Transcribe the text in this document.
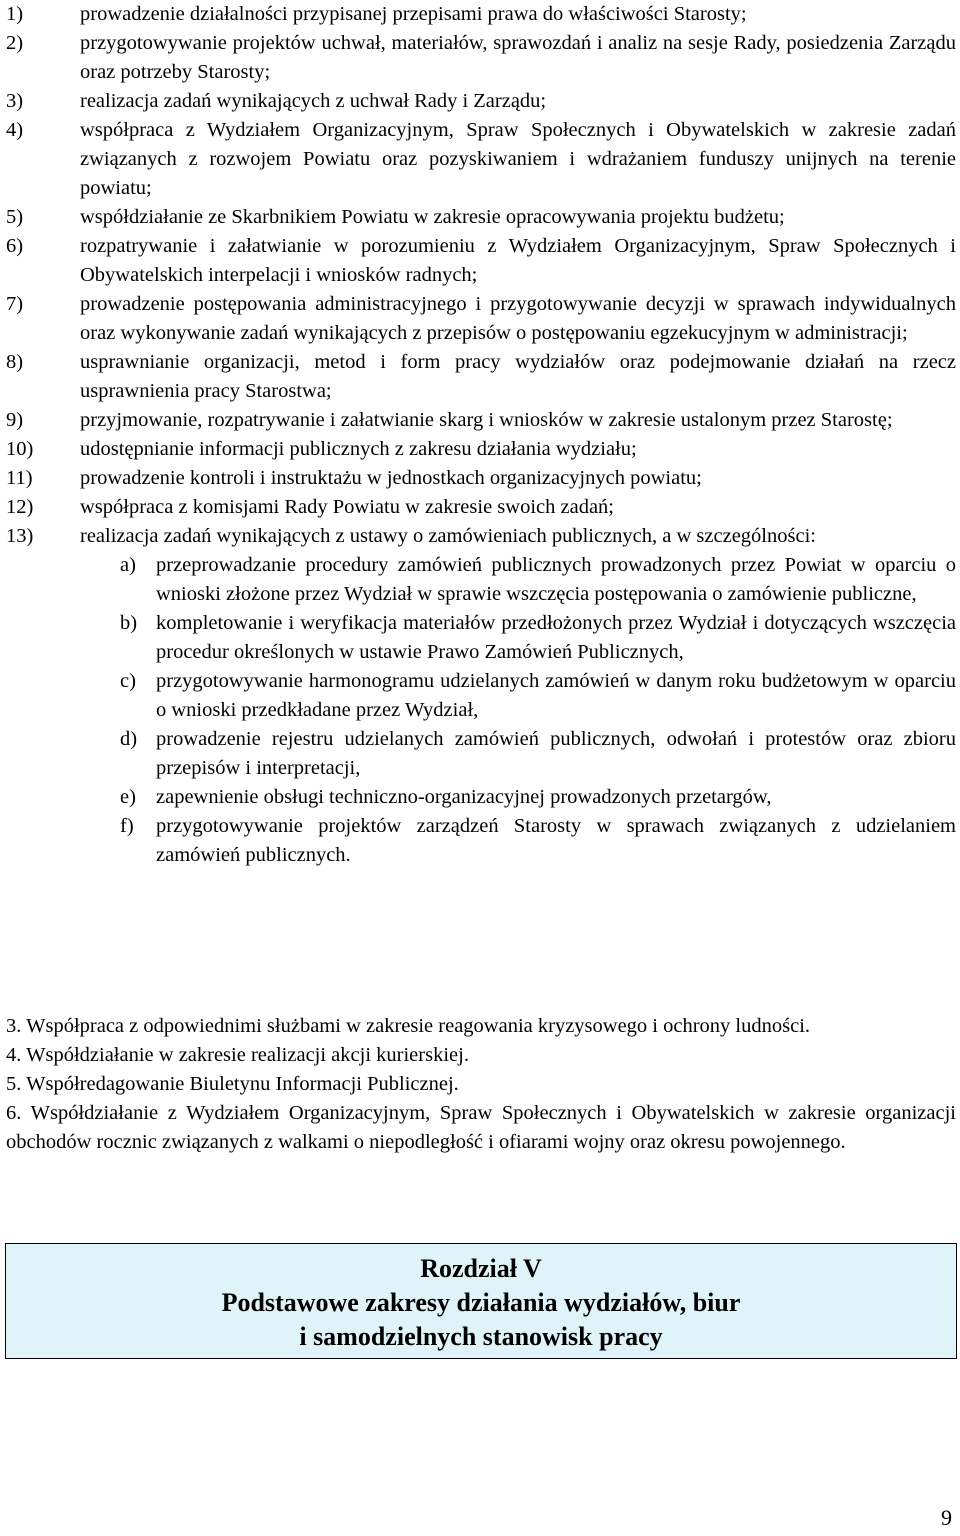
1)	prowadzenie działalności przypisanej przepisami prawa do właściwości Starosty;
2)	przygotowywanie projektów uchwał, materiałów, sprawozdań i analiz na sesje Rady, posiedzenia Zarządu oraz potrzeby Starosty;
3)	realizacja zadań wynikających z uchwał Rady i Zarządu;
4)	współpraca z Wydziałem Organizacyjnym, Spraw Społecznych i Obywatelskich w zakresie zadań związanych z rozwojem Powiatu oraz pozyskiwaniem i wdrażaniem funduszy unijnych na terenie powiatu;
5)	współdziałanie ze Skarbnikiem Powiatu w zakresie opracowywania projektu budżetu;
6)	rozpatrywanie i załatwianie w porozumieniu z Wydziałem Organizacyjnym, Spraw Społecznych i Obywatelskich interpelacji i wniosków radnych;
7)	prowadzenie postępowania administracyjnego i przygotowywanie decyzji w sprawach indywidualnych oraz wykonywanie zadań wynikających z przepisów o postępowaniu egzekucyjnym w administracji;
8)	usprawnianie organizacji, metod i form pracy wydziałów oraz podejmowanie działań na rzecz usprawnienia pracy Starostwa;
9)	przyjmowanie, rozpatrywanie i załatwianie skarg i wniosków w zakresie ustalonym przez Starostę;
10)	udostępnianie informacji publicznych z zakresu działania wydziału;
11)	prowadzenie kontroli i instruktażu w jednostkach organizacyjnych powiatu;
12)	współpraca z komisjami Rady Powiatu w zakresie swoich zadań;
13)	realizacja zadań wynikających z ustawy o zamówieniach publicznych, a w szczególności:
a) przeprowadzanie procedury zamówień publicznych prowadzonych przez Powiat w oparciu o wnioski złożone przez Wydział w sprawie wszczęcia postępowania o zamówienie publiczne,
b) kompletowanie i weryfikacja materiałów przedłożonych przez Wydział i dotyczących wszczęcia procedur określonych w ustawie Prawo Zamówień Publicznych,
c) przygotowywanie harmonogramu udzielanych zamówień w danym roku budżetowym w oparciu o wnioski przedkładane przez Wydział,
d) prowadzenie rejestru udzielanych zamówień publicznych, odwołań i protestów oraz zbioru przepisów i interpretacji,
e) zapewnienie obsługi techniczno-organizacyjnej prowadzonych przetargów,
f) przygotowywanie projektów zarządzeń Starosty w sprawach związanych z udzielaniem zamówień publicznych.
3. Współpraca z odpowiednimi służbami w zakresie reagowania kryzysowego i ochrony ludności.
4. Współdziałanie w zakresie realizacji akcji kurierskiej.
5. Współredagowanie Biuletynu Informacji Publicznej.
6. Współdziałanie z Wydziałem Organizacyjnym, Spraw Społecznych i Obywatelskich w zakresie organizacji obchodów rocznic związanych z walkami o niepodległość i ofiarami wojny oraz okresu powojennego.
Rozdział V
Podstawowe zakresy działania wydziałów, biur
i samodzielnych stanowisk pracy
9
